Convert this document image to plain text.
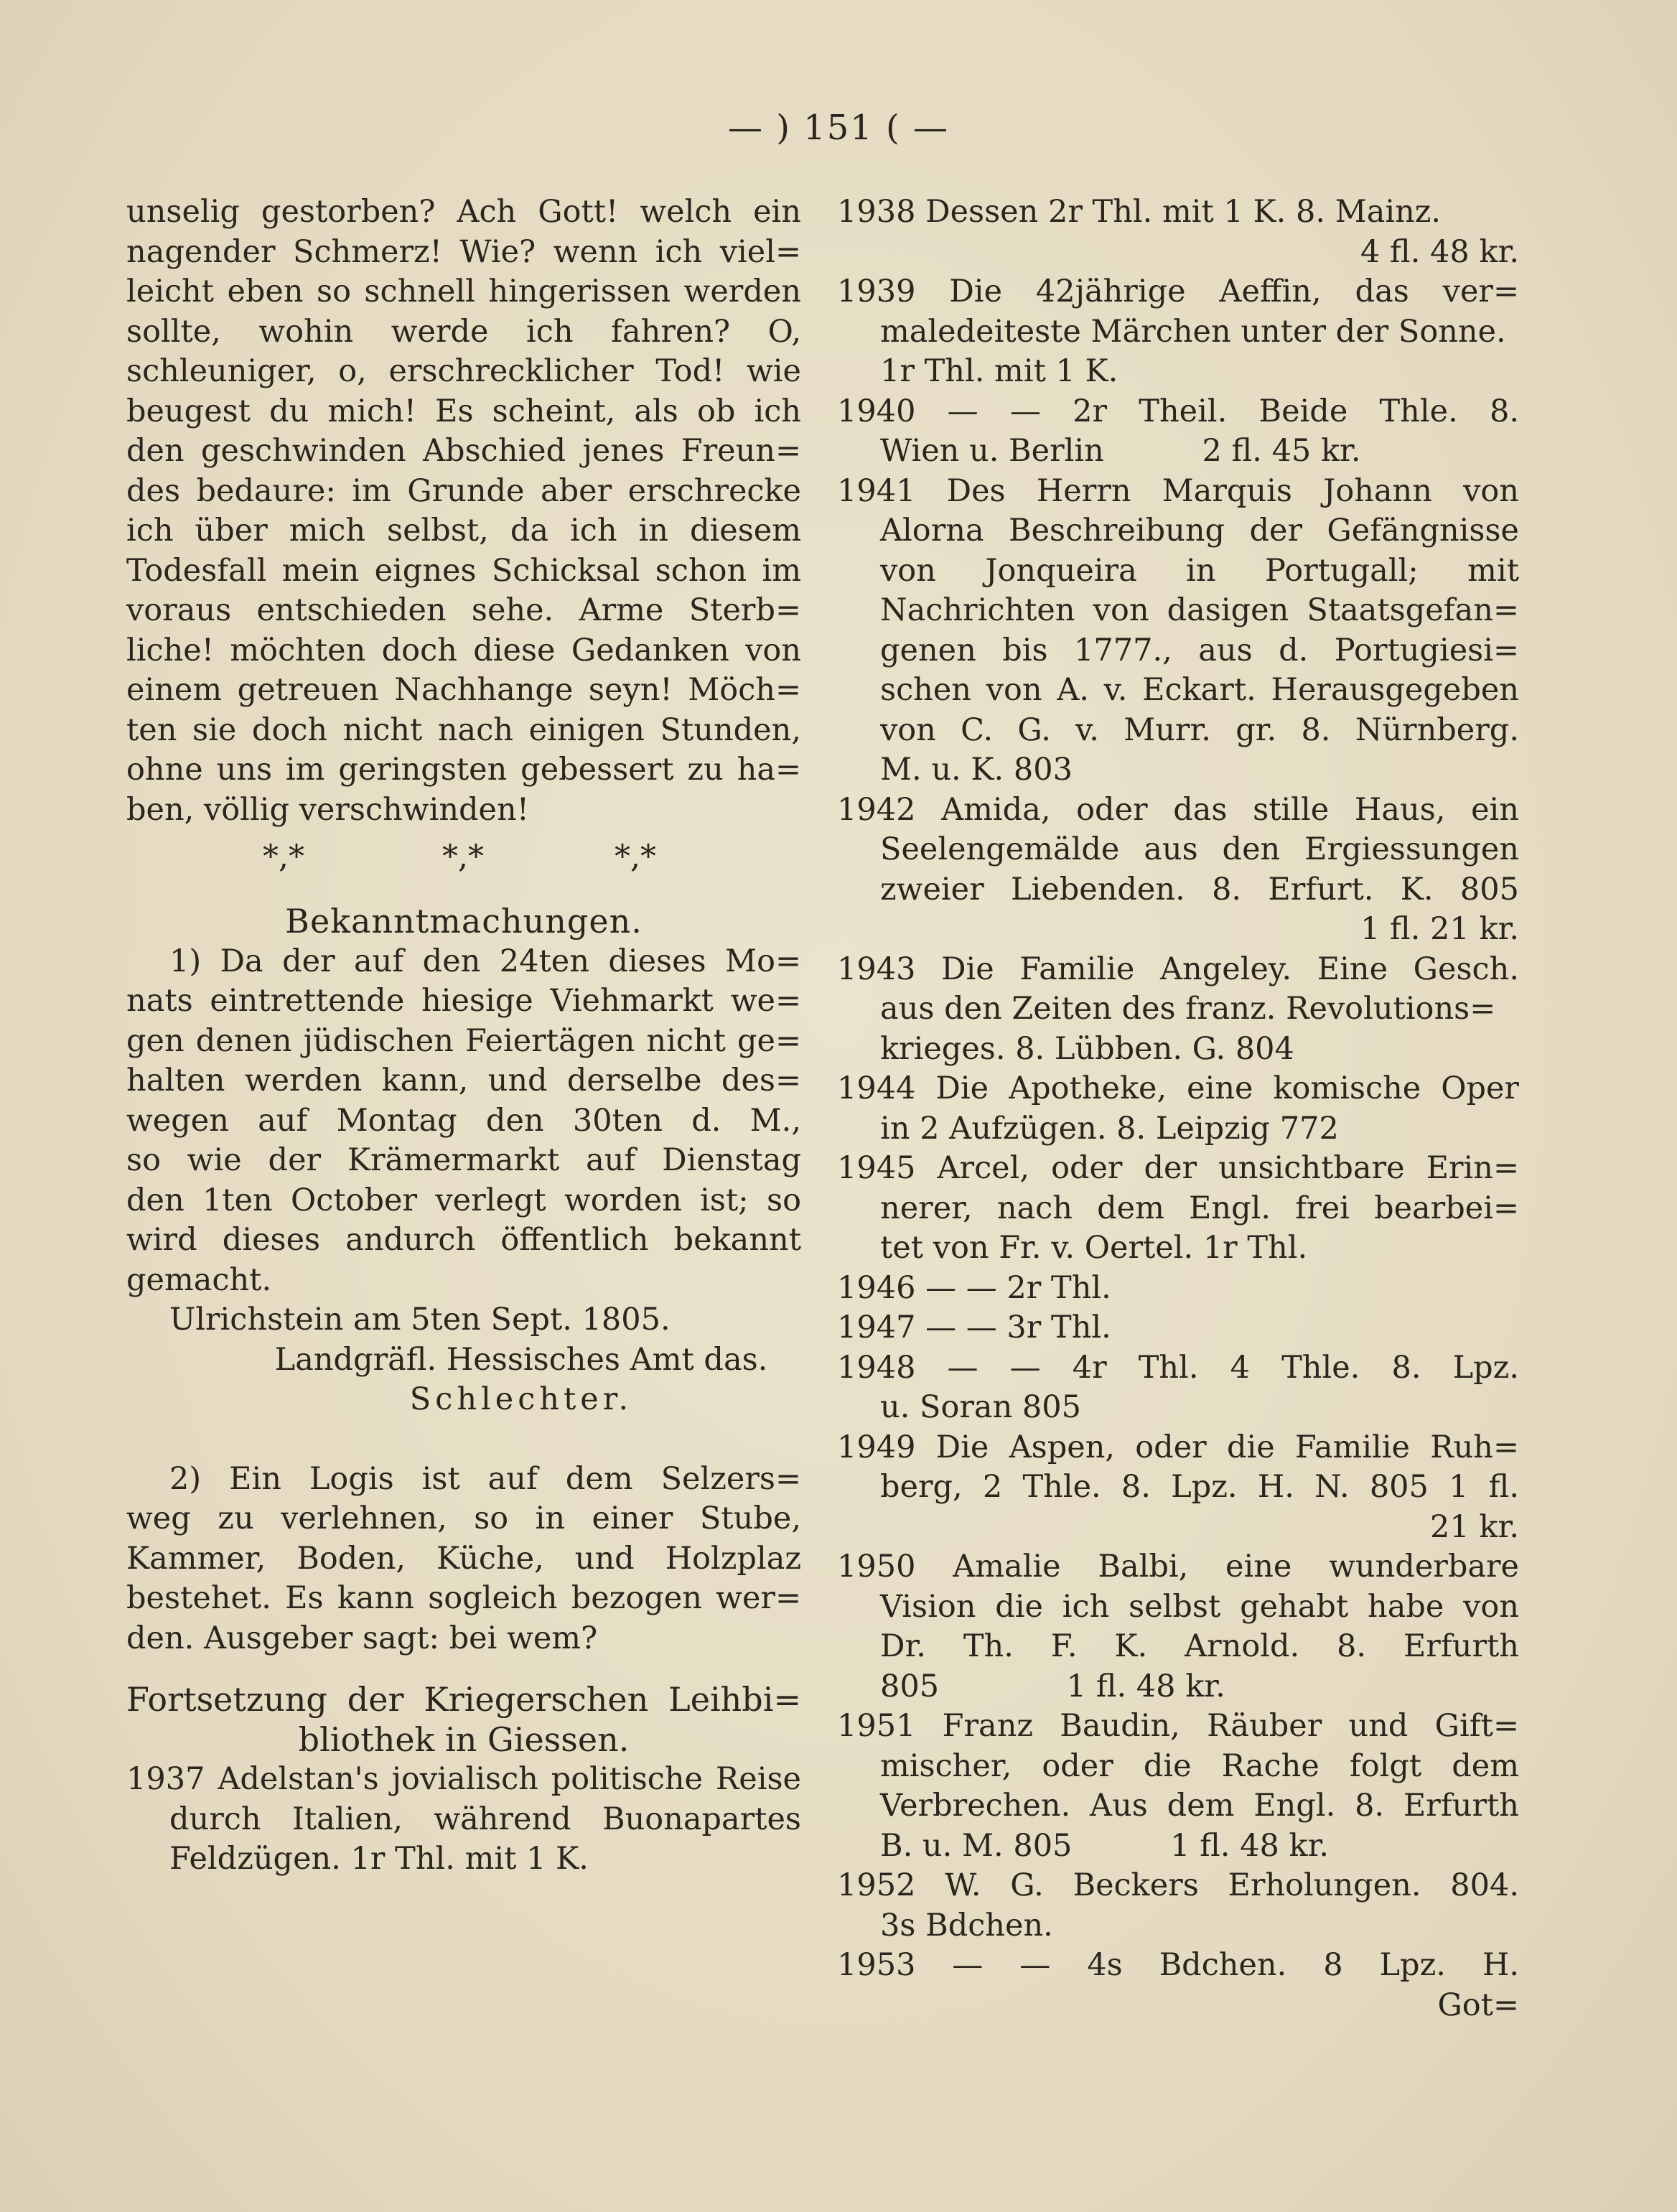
— ) 151 ( —
unselig gestorben? Ach Gott! welch ein
nagender Schmerz! Wie? wenn ich viel=
leicht eben so schnell hingerissen werden
sollte, wohin werde ich fahren? O,
schleuniger, o, erschrecklicher Tod! wie
beugest du mich! Es scheint, als ob ich
den geschwinden Abschied jenes Freun=
des bedaure: im Grunde aber erschrecke
ich über mich selbst, da ich in diesem
Todesfall mein eignes Schicksal schon im
voraus entschieden sehe. Arme Sterb=
liche! möchten doch diese Gedanken von
einem getreuen Nachhange seyn! Möch=
ten sie doch nicht nach einigen Stunden,
ohne uns im geringsten gebessert zu ha=
ben, völlig verschwinden!
*,*	*,*	*,*
Bekanntmachungen.
1) Da der auf den 24ten dieses Mo=
nats eintrettende hiesige Viehmarkt we=
gen denen jüdischen Feiertägen nicht ge=
halten werden kann, und derselbe des=
wegen auf Montag den 30ten d. M.,
so wie der Krämermarkt auf Dienstag
den 1ten October verlegt worden ist; so
wird dieses andurch öffentlich bekannt
gemacht.
Ulrichstein am 5ten Sept. 1805.
Landgräfl. Hessisches Amt das.
Schlechter.
2) Ein Logis ist auf dem Selzers=
weg zu verlehnen, so in einer Stube,
Kammer, Boden, Küche, und Holzplaz
bestehet. Es kann sogleich bezogen wer=
den. Ausgeber sagt: bei wem?
Fortsetzung der Kriegerschen Leihbi=
bliothek in Giessen.
1937 Adelstan's jovialisch politische Reise
durch Italien, während Buonapartes
Feldzügen. 1r Thl. mit 1 K.
1938 Dessen 2r Thl. mit 1 K. 8. Mainz.
4 fl. 48 kr.
1939 Die 42jährige Aeffin, das ver=
maledeiteste Märchen unter der Sonne.
1r Thl. mit 1 K.
1940 — — 2r Theil. Beide Thle. 8.
Wien u. Berlin          2 fl. 45 kr.
1941 Des Herrn Marquis Johann von
Alorna Beschreibung der Gefängnisse
von Jonqueira in Portugall; mit
Nachrichten von dasigen Staatsgefan=
genen bis 1777., aus d. Portugiesi=
schen von A. v. Eckart. Herausgegeben
von C. G. v. Murr. gr. 8. Nürnberg.
M. u. K. 803
1942 Amida, oder das stille Haus, ein
Seelengemälde aus den Ergiessungen
zweier Liebenden. 8. Erfurt. K. 805
1 fl. 21 kr.
1943 Die Familie Angeley. Eine Gesch.
aus den Zeiten des franz. Revolutions=
krieges. 8. Lübben. G. 804
1944 Die Apotheke, eine komische Oper
in 2 Aufzügen. 8. Leipzig 772
1945 Arcel, oder der unsichtbare Erin=
nerer, nach dem Engl. frei bearbei=
tet von Fr. v. Oertel. 1r Thl.
1946 — — 2r Thl.
1947 — — 3r Thl.
1948 — — 4r Thl. 4 Thle. 8. Lpz.
u. Soran 805
1949 Die Aspen, oder die Familie Ruh=
berg, 2 Thle. 8. Lpz. H. N. 805 1 fl.
21 kr.
1950 Amalie Balbi, eine wunderbare
Vision die ich selbst gehabt habe von
Dr. Th. F. K. Arnold. 8. Erfurth
805             1 fl. 48 kr.
1951 Franz Baudin, Räuber und Gift=
mischer, oder die Rache folgt dem
Verbrechen. Aus dem Engl. 8. Erfurth
B. u. M. 805          1 fl. 48 kr.
1952 W. G. Beckers Erholungen. 804.
3s Bdchen.
1953 — — 4s Bdchen. 8 Lpz. H.
Got=
